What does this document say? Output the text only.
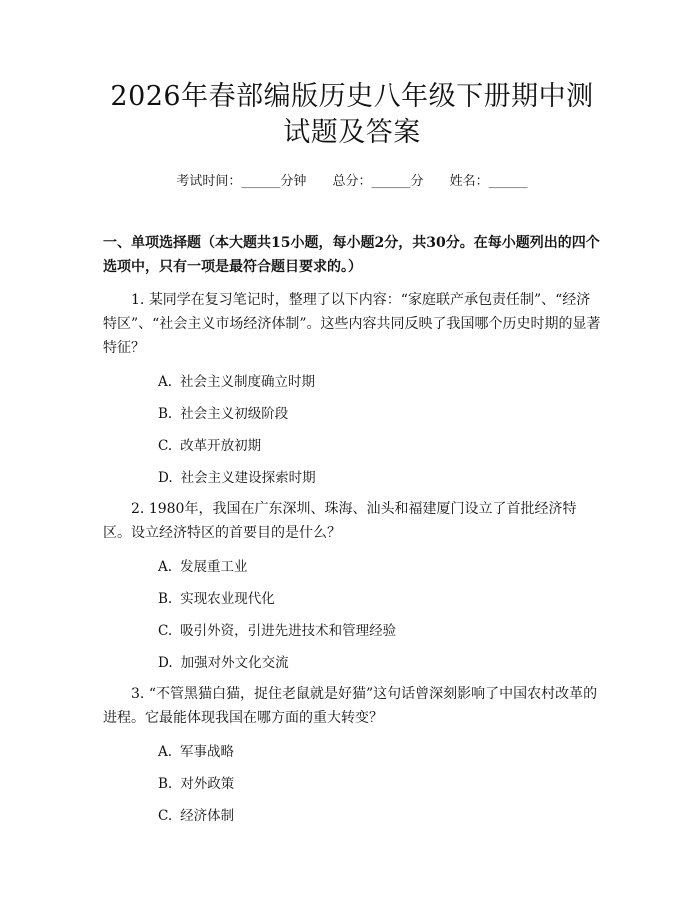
2026年春部编版历史八年级下册期中测试题及答案
考试时间：______分钟 总分：______分 姓名：______
一、单项选择题（本大题共15小题，每小题2分，共30分。在每小题列出的四个选项中，只有一项是最符合题目要求的。）
1. 某同学在复习笔记时，整理了以下内容：“家庭联产承包责任制”、“经济特区”、“社会主义市场经济体制”。这些内容共同反映了我国哪个历史时期的显著特征？
A. 社会主义制度确立时期
B. 社会主义初级阶段
C. 改革开放初期
D. 社会主义建设探索时期
2. 1980年，我国在广东深圳、珠海、汕头和福建厦门设立了首批经济特区。设立经济特区的首要目的是什么？
A. 发展重工业
B. 实现农业现代化
C. 吸引外资，引进先进技术和管理经验
D. 加强对外文化交流
3. “不管黑猫白猫，捉住老鼠就是好猫”这句话曾深刻影响了中国农村改革的进程。它最能体现我国在哪方面的重大转变？
A. 军事战略
B. 对外政策
C. 经济体制
